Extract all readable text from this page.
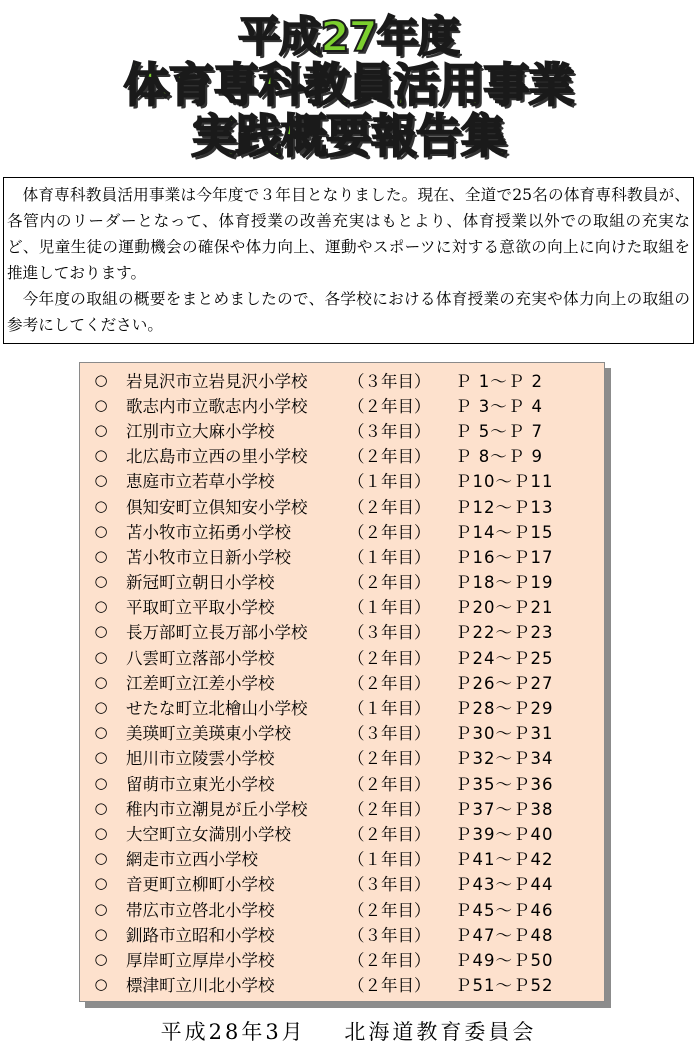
平成27年度
体育専科教員活用事業
実践概要報告集

体育専科教員活用事業は今年度で３年目となりました。現在、全道で25名の体育専科教員が、各管内のリーダーとなって、体育授業の改善充実はもとより、体育授業以外での取組の充実など、児童生徒の運動機会の確保や体力向上、運動やスポーツに対する意欲の向上に向けた取組を推進しております。

今年度の取組の概要をまとめましたので、各学校における体育授業の充実や体力向上の取組の参考にしてください。

○ 岩見沢市立岩見沢小学校	（３年目）	Ｐ 1～Ｐ 2
○ 歌志内市立歌志内小学校	（２年目）	Ｐ 3～Ｐ 4
○ 江別市立大麻小学校	（３年目）	Ｐ 5～Ｐ 7
○ 北広島市立西の里小学校	（２年目）	Ｐ 8～Ｐ 9
○ 恵庭市立若草小学校	（１年目）	Ｐ10～Ｐ11
○ 倶知安町立倶知安小学校	（２年目）	Ｐ12～Ｐ13
○ 苫小牧市立拓勇小学校	（２年目）	Ｐ14～Ｐ15
○ 苫小牧市立日新小学校	（１年目）	Ｐ16～Ｐ17
○ 新冠町立朝日小学校	（２年目）	Ｐ18～Ｐ19
○ 平取町立平取小学校	（１年目）	Ｐ20～Ｐ21
○ 長万部町立長万部小学校	（３年目）	Ｐ22～Ｐ23
○ 八雲町立落部小学校	（２年目）	Ｐ24～Ｐ25
○ 江差町立江差小学校	（２年目）	Ｐ26～Ｐ27
○ せたな町立北檜山小学校	（１年目）	Ｐ28～Ｐ29
○ 美瑛町立美瑛東小学校	（３年目）	Ｐ30～Ｐ31
○ 旭川市立陵雲小学校	（２年目）	Ｐ32～Ｐ34
○ 留萌市立東光小学校	（２年目）	Ｐ35～Ｐ36
○ 稚内市立潮見が丘小学校	（２年目）	Ｐ37～Ｐ38
○ 大空町立女満別小学校	（２年目）	Ｐ39～Ｐ40
○ 網走市立西小学校	（１年目）	Ｐ41～Ｐ42
○ 音更町立柳町小学校	（３年目）	Ｐ43～Ｐ44
○ 帯広市立啓北小学校	（２年目）	Ｐ45～Ｐ46
○ 釧路市立昭和小学校	（３年目）	Ｐ47～Ｐ48
○ 厚岸町立厚岸小学校	（２年目）	Ｐ49～Ｐ50
○ 標津町立川北小学校	（２年目）	Ｐ51～Ｐ52
平成28年3月 北海道教育委員会
